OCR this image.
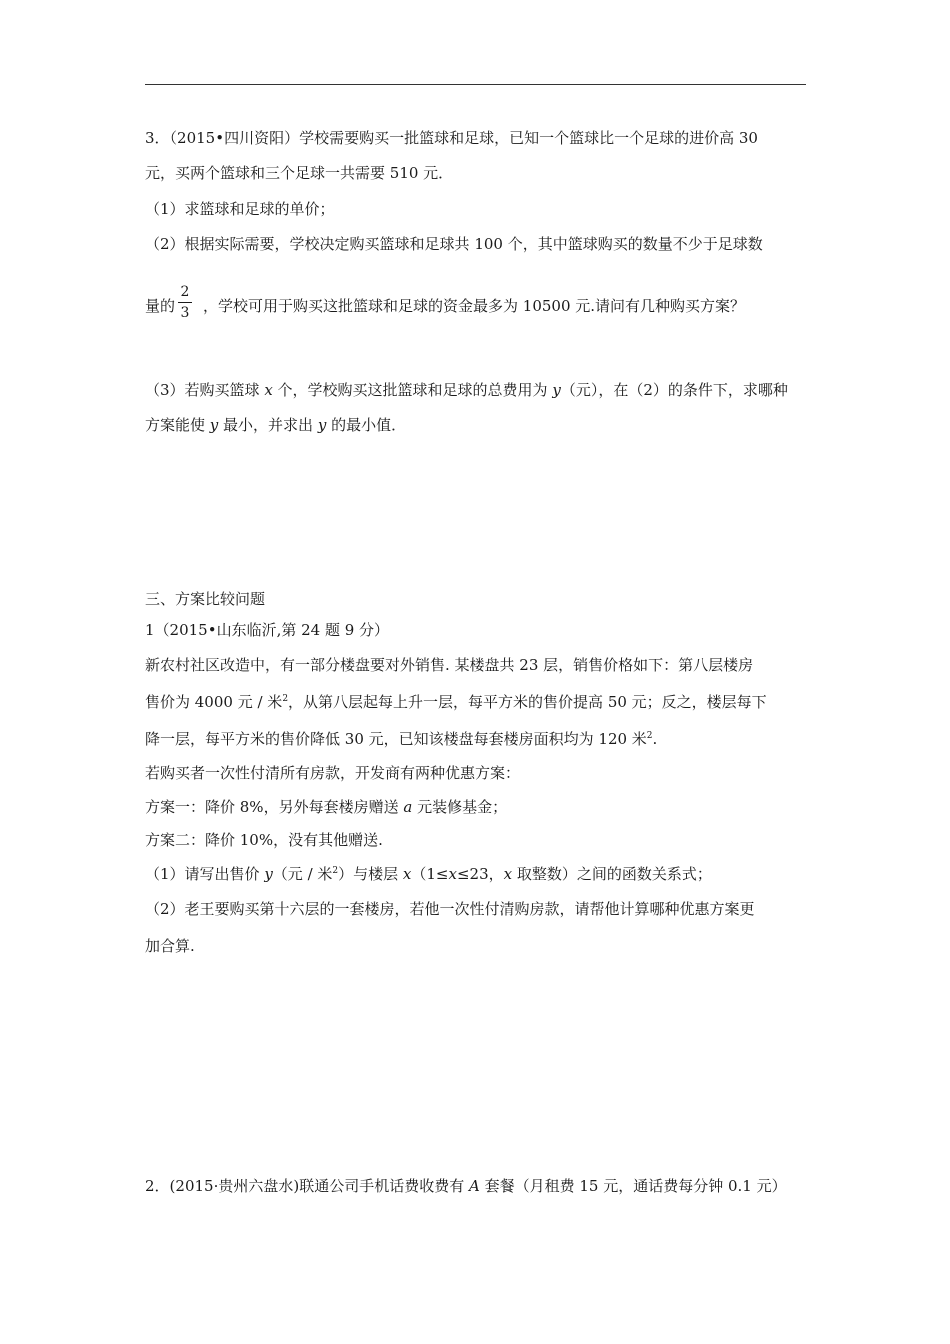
3．（2015•四川资阳）学校需要购买一批篮球和足球，已知一个篮球比一个足球的进价高 30
元，买两个篮球和三个足球一共需要 510 元．
（1）求篮球和足球的单价；
（2）根据实际需要，学校决定购买篮球和足球共 100 个，其中篮球购买的数量不少于足球数
量的 ，学校可用于购买这批篮球和足球的资金最多为 10500 元.请问有几种购买方案？
2
3
（3）若购买篮球 x 个，学校购买这批篮球和足球的总费用为 y（元），在（2）的条件下，求哪种
方案能使 y 最小，并求出 y 的最小值．
三、方案比较问题
1（2015•山东临沂,第 24 题 9 分）
新农村社区改造中，有一部分楼盘要对外销售. 某楼盘共 23 层，销售价格如下：第八层楼房
售价为 4000 元 / 米$^2$，从第八层起每上升一层，每平方米的售价提高 50 元；反之，楼层每下
降一层，每平方米的售价降低 30 元，已知该楼盘每套楼房面积均为 120 米$^2$.
若购买者一次性付清所有房款，开发商有两种优惠方案：
方案一：降价 8%，另外每套楼房赠送 a 元装修基金；
方案二：降价 10%，没有其他赠送.
（1）请写出售价 y（元 / 米$^2$）与楼层 x（1≤x≤23，x 取整数）之间的函数关系式；
（2）老王要购买第十六层的一套楼房，若他一次性付清购房款，请帮他计算哪种优惠方案更
加合算.
2．(2015·贵州六盘水)联通公司手机话费收费有 A 套餐（月租费 15 元，通话费每分钟 0.1 元）
